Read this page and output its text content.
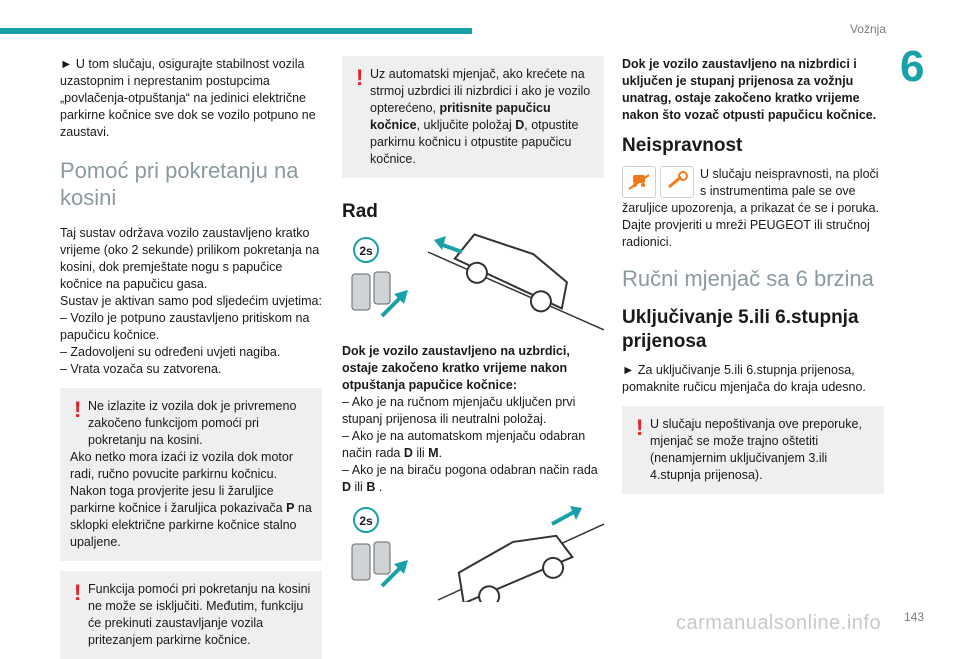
Vožnja
6

► U tom slučaju, osigurajte stabilnost vozila uzastopnim i neprestanim postupcima „povlačenja-otpuštanja“ na jedinici električne parkirne kočnice sve dok se vozilo potpuno ne zaustavi.

Pomoć pri pokretanju na kosini

Taj sustav održava vozilo zaustavljeno kratko vrijeme (oko 2 sekunde) prilikom pokretanja na kosini, dok premještate nogu s papučice kočnice na papučicu gasa.

Sustav je aktivan samo pod sljedećim uvjetima:

– Vozilo je potpuno zaustavljeno pritiskom na papučicu kočnice.

– Zadovoljeni su određeni uvjeti nagiba.

– Vrata vozača su zatvorena.

! Ne izlazite iz vozila dok je privremeno zakočeno funkcijom pomoći pri pokretanju na kosini.

Ako netko mora izaći iz vozila dok motor radi, ručno povucite parkirnu kočnicu. Nakon toga provjerite jesu li žaruljice parkirne kočnice i žaruljica pokazivača P na sklopki električne parkirne kočnice stalno upaljene.

! Funkcija pomoći pri pokretanju na kosini ne može se isključiti. Međutim, funkciju će prekinuti zaustavljanje vozila pritezanjem parkirne kočnice.

! Uz automatski mjenjač, ako krećete na strmoj uzbrdici ili nizbrdici i ako je vozilo opterećeno, pritisnite papučicu kočnice, uključite položaj D, otpustite parkirnu kočnicu i otpustite papučicu kočnice.

Rad
2s

Dok je vozilo zaustavljeno na uzbrdici, ostaje zakočeno kratko vrijeme nakon otpuštanja papučice kočnice:

– Ako je na ručnom mjenjaču uključen prvi stupanj prijenosa ili neutralni položaj.

– Ako je na automatskom mjenjaču odabran način rada D ili M.

– Ako je na biraču pogona odabran način rada D ili B .

2s

Dok je vozilo zaustavljeno na nizbrdici i uključen je stupanj prijenosa za vožnju unatrag, ostaje zakočeno kratko vrijeme nakon što vozač otpusti papučicu kočnice.

Neispravnost

U slučaju neispravnosti, na ploči s instrumentima pale se ove žaruljice upozorenja, a prikazat će se i poruka. Dajte provjeriti u mreži PEUGEOT ili stručnoj radionici.

Ručni mjenjač sa 6 brzina
Uključivanje 5.ili 6.stupnja prijenosa

► Za uključivanje 5.ili 6.stupnja prijenosa, pomaknite ručicu mjenjača do kraja udesno.

! U slučaju nepoštivanja ove preporuke, mjenjač se može trajno oštetiti (nenamjernim uključivanjem 3.ili 4.stupnja prijenosa).

carmanualsonline.info 143
